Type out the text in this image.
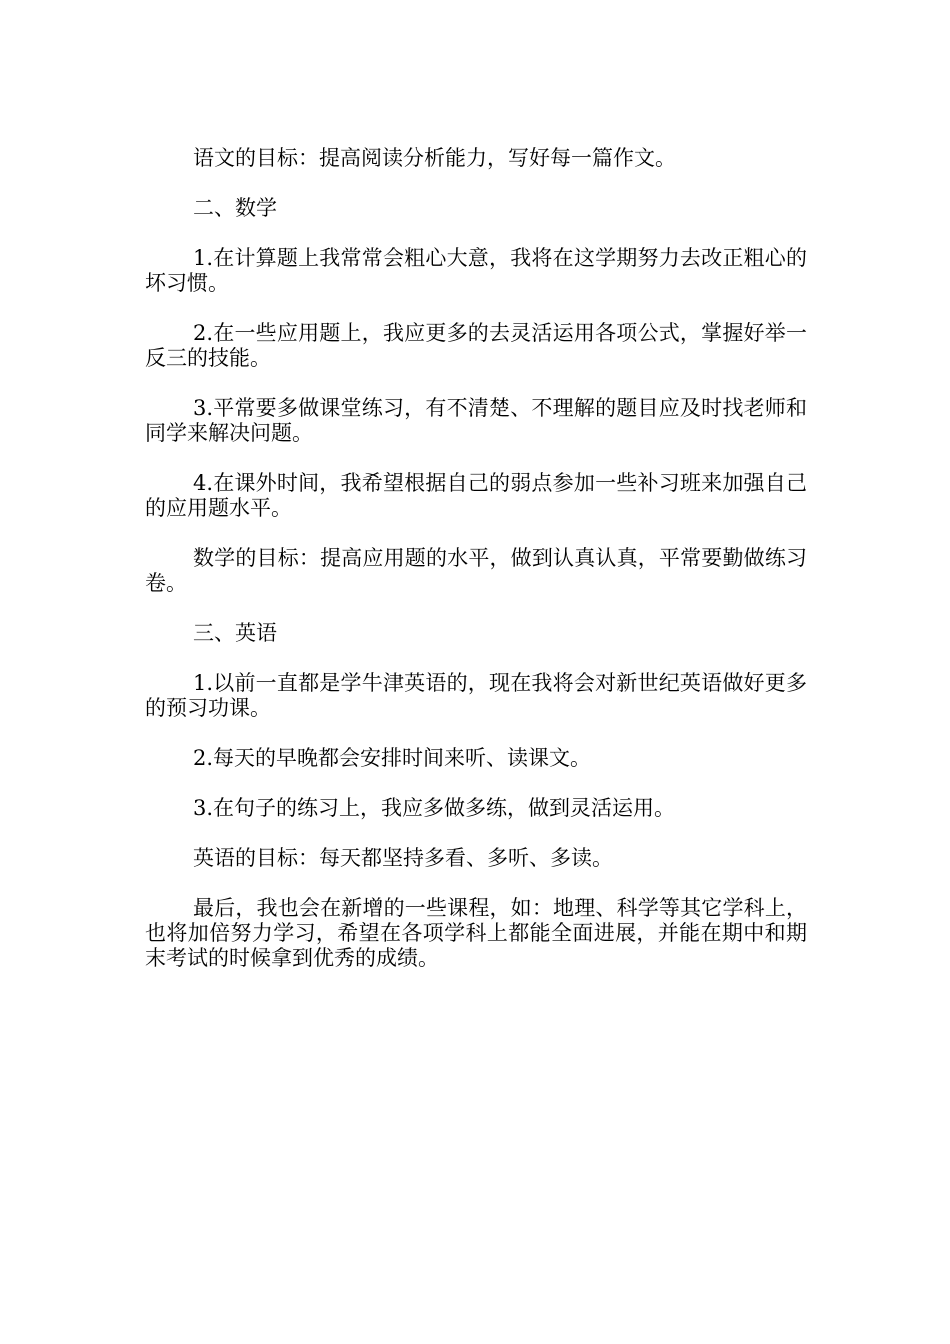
语文的目标：提高阅读分析能力，写好每一篇作文。

二、数学

1.在计算题上我常常会粗心大意，我将在这学期努力去改正粗心的坏习惯。

2.在一些应用题上，我应更多的去灵活运用各项公式，掌握好举一反三的技能。

3.平常要多做课堂练习，有不清楚、不理解的题目应及时找老师和同学来解决问题。

4.在课外时间，我希望根据自己的弱点参加一些补习班来加强自己的应用题水平。

数学的目标：提高应用题的水平，做到认真认真，平常要勤做练习卷。

三、英语

1.以前一直都是学牛津英语的，现在我将会对新世纪英语做好更多的预习功课。

2.每天的早晚都会安排时间来听、读课文。

3.在句子的练习上，我应多做多练，做到灵活运用。

英语的目标：每天都坚持多看、多听、多读。

最后，我也会在新增的一些课程，如：地理、科学等其它学科上，也将加倍努力学习，希望在各项学科上都能全面进展，并能在期中和期末考试的时候拿到优秀的成绩。
